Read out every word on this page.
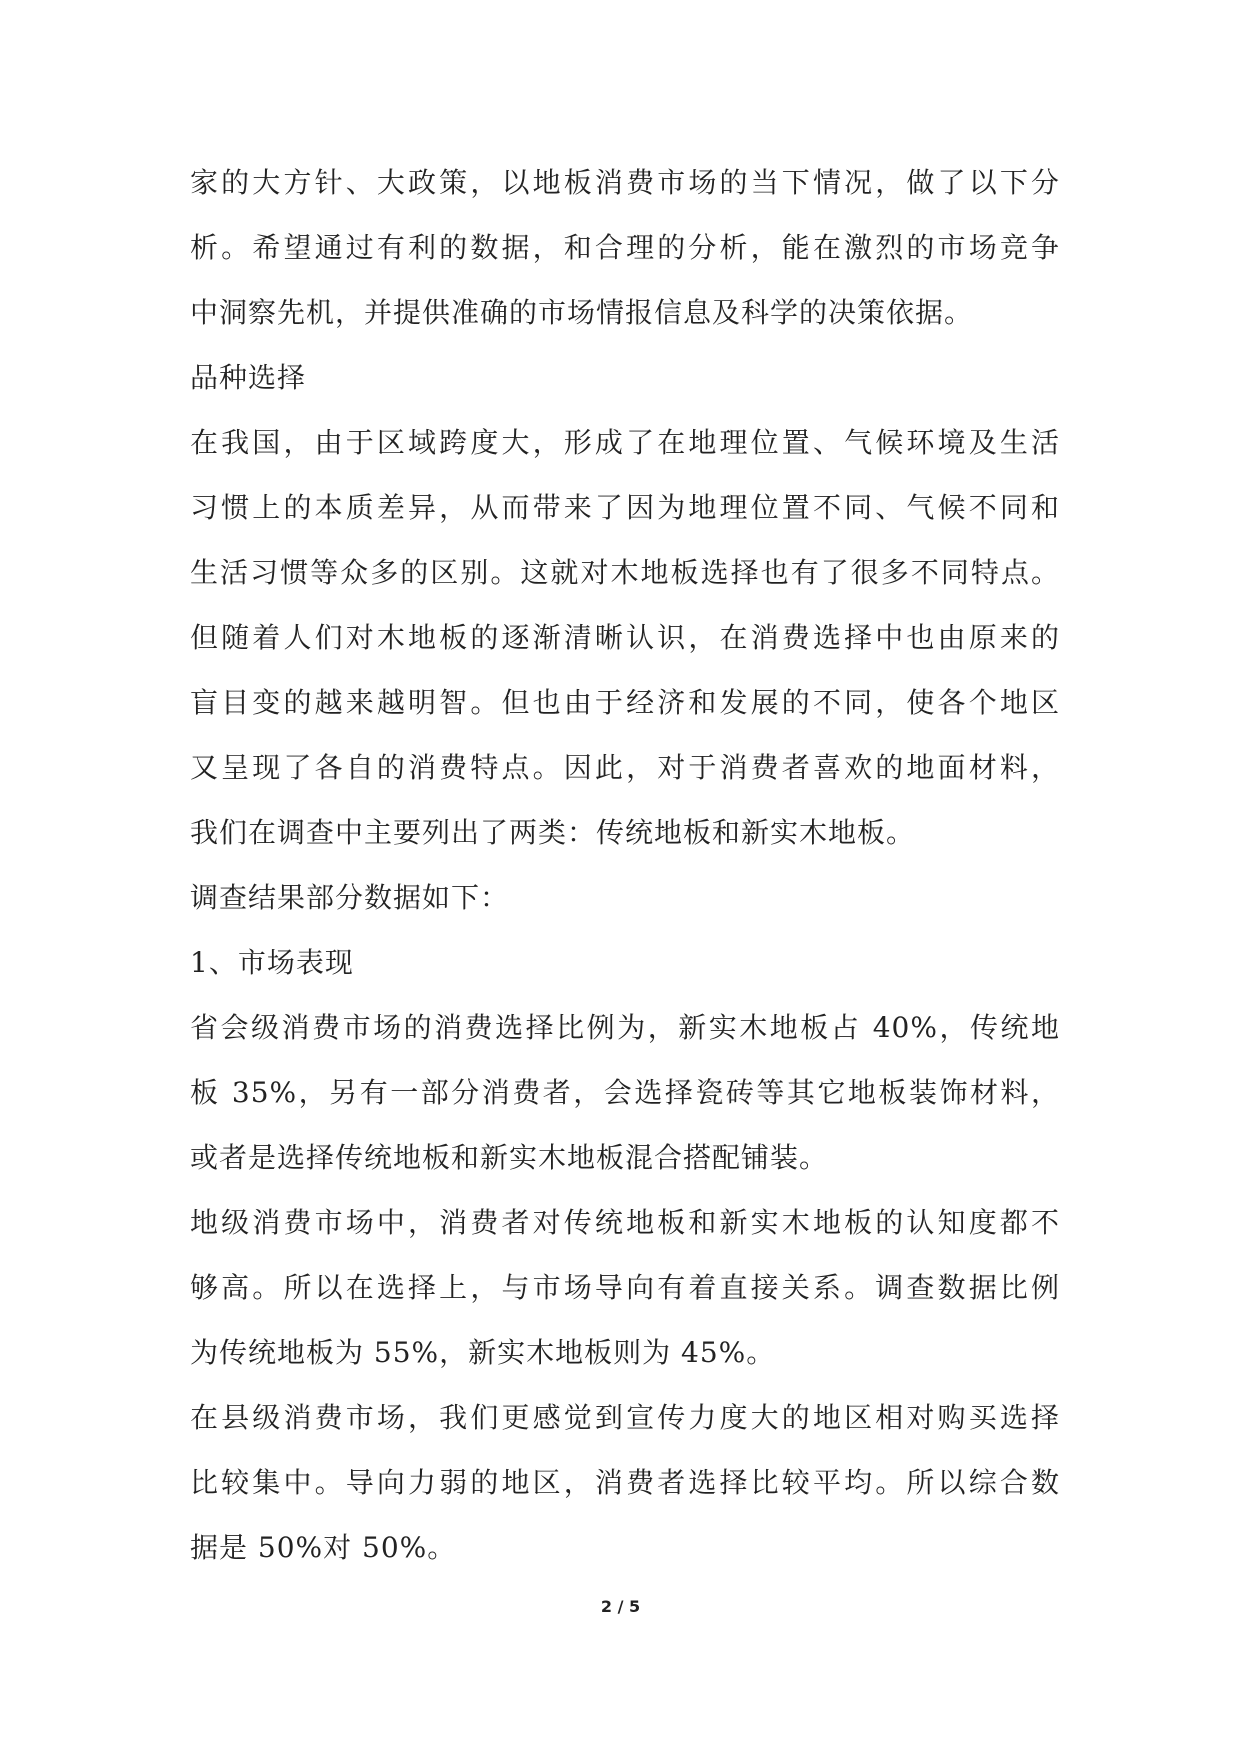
家的大方针、大政策，以地板消费市场的当下情况，做了以下分
析。希望通过有利的数据，和合理的分析，能在激烈的市场竞争
中洞察先机，并提供准确的市场情报信息及科学的决策依据。
品种选择
在我国，由于区域跨度大，形成了在地理位置、气候环境及生活
习惯上的本质差异，从而带来了因为地理位置不同、气候不同和
生活习惯等众多的区别。这就对木地板选择也有了很多不同特点。
但随着人们对木地板的逐渐清晰认识，在消费选择中也由原来的
盲目变的越来越明智。但也由于经济和发展的不同，使各个地区
又呈现了各自的消费特点。因此，对于消费者喜欢的地面材料，
我们在调查中主要列出了两类：传统地板和新实木地板。
调查结果部分数据如下：
1、市场表现
省会级消费市场的消费选择比例为，新实木地板占 40%，传统地
板 35%，另有一部分消费者，会选择瓷砖等其它地板装饰材料，
或者是选择传统地板和新实木地板混合搭配铺装。
地级消费市场中，消费者对传统地板和新实木地板的认知度都不
够高。所以在选择上，与市场导向有着直接关系。调查数据比例
为传统地板为 55%，新实木地板则为 45%。
在县级消费市场，我们更感觉到宣传力度大的地区相对购买选择
比较集中。导向力弱的地区，消费者选择比较平均。所以综合数
据是 50%对 50%。
2 / 5
